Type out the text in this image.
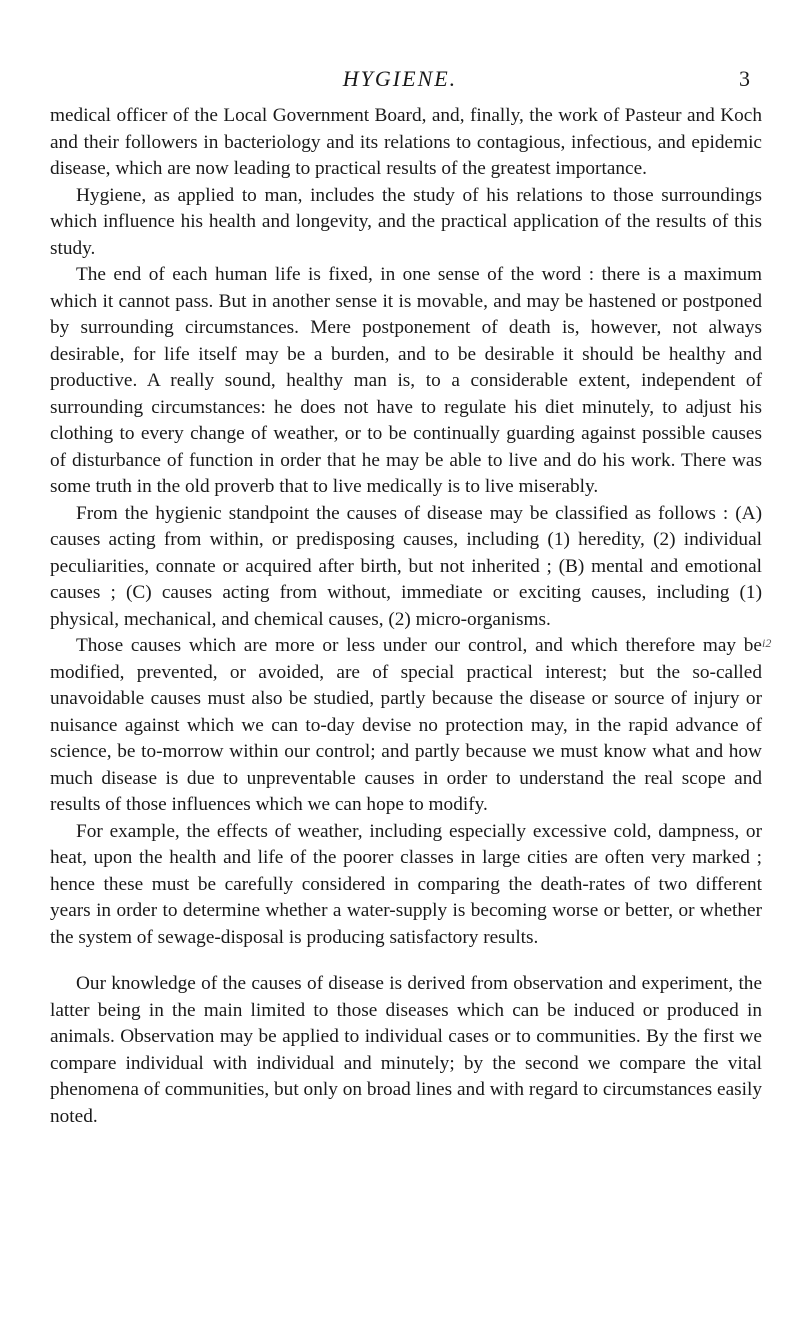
HYGIENE.	3

medical officer of the Local Government Board, and, finally, the work of Pasteur and Koch and their followers in bacteriology and its relations to contagious, infectious, and epidemic disease, which are now leading to practical results of the greatest importance.

Hygiene, as applied to man, includes the study of his relations to those surroundings which influence his health and longevity, and the practical application of the results of this study.

The end of each human life is fixed, in one sense of the word : there is a maximum which it cannot pass. But in another sense it is movable, and may be hastened or postponed by surrounding circumstances. Mere postponement of death is, however, not always desirable, for life itself may be a burden, and to be desirable it should be healthy and productive. A really sound, healthy man is, to a considerable extent, independent of surrounding circumstances: he does not have to regulate his diet minutely, to adjust his clothing to every change of weather, or to be continually guarding against possible causes of disturbance of function in order that he may be able to live and do his work. There was some truth in the old proverb that to live medically is to live miserably.

From the hygienic standpoint the causes of disease may be classified as follows : (A) causes acting from within, or predisposing causes, including (1) heredity, (2) individual peculiarities, connate or acquired after birth, but not inherited ; (B) mental and emotional causes ; (C) causes acting from without, immediate or exciting causes, including (1) physical, mechanical, and chemical causes, (2) micro-organisms.

Those causes which are more or less under our control, and which therefore may be modified, prevented, or avoided, are of special practical interest; but the so-called unavoidable causes must also be studied, partly because the disease or source of injury or nuisance against which we can to-day devise no protection may, in the rapid advance of science, be to-morrow within our control; and partly because we must know what and how much disease is due to unpreventable causes in order to understand the real scope and results of those influences which we can hope to modify.

For example, the effects of weather, including especially excessive cold, dampness, or heat, upon the health and life of the poorer classes in large cities are often very marked ; hence these must be carefully considered in comparing the death-rates of two different years in order to determine whether a water-supply is becoming worse or better, or whether the system of sewage-disposal is producing satisfactory results.

Our knowledge of the causes of disease is derived from observation and experiment, the latter being in the main limited to those diseases which can be induced or produced in animals. Observation may be applied to individual cases or to communities. By the first we compare individual with individual and minutely; by the second we compare the vital phenomena of communities, but only on broad lines and with regard to circumstances easily noted.

i2
